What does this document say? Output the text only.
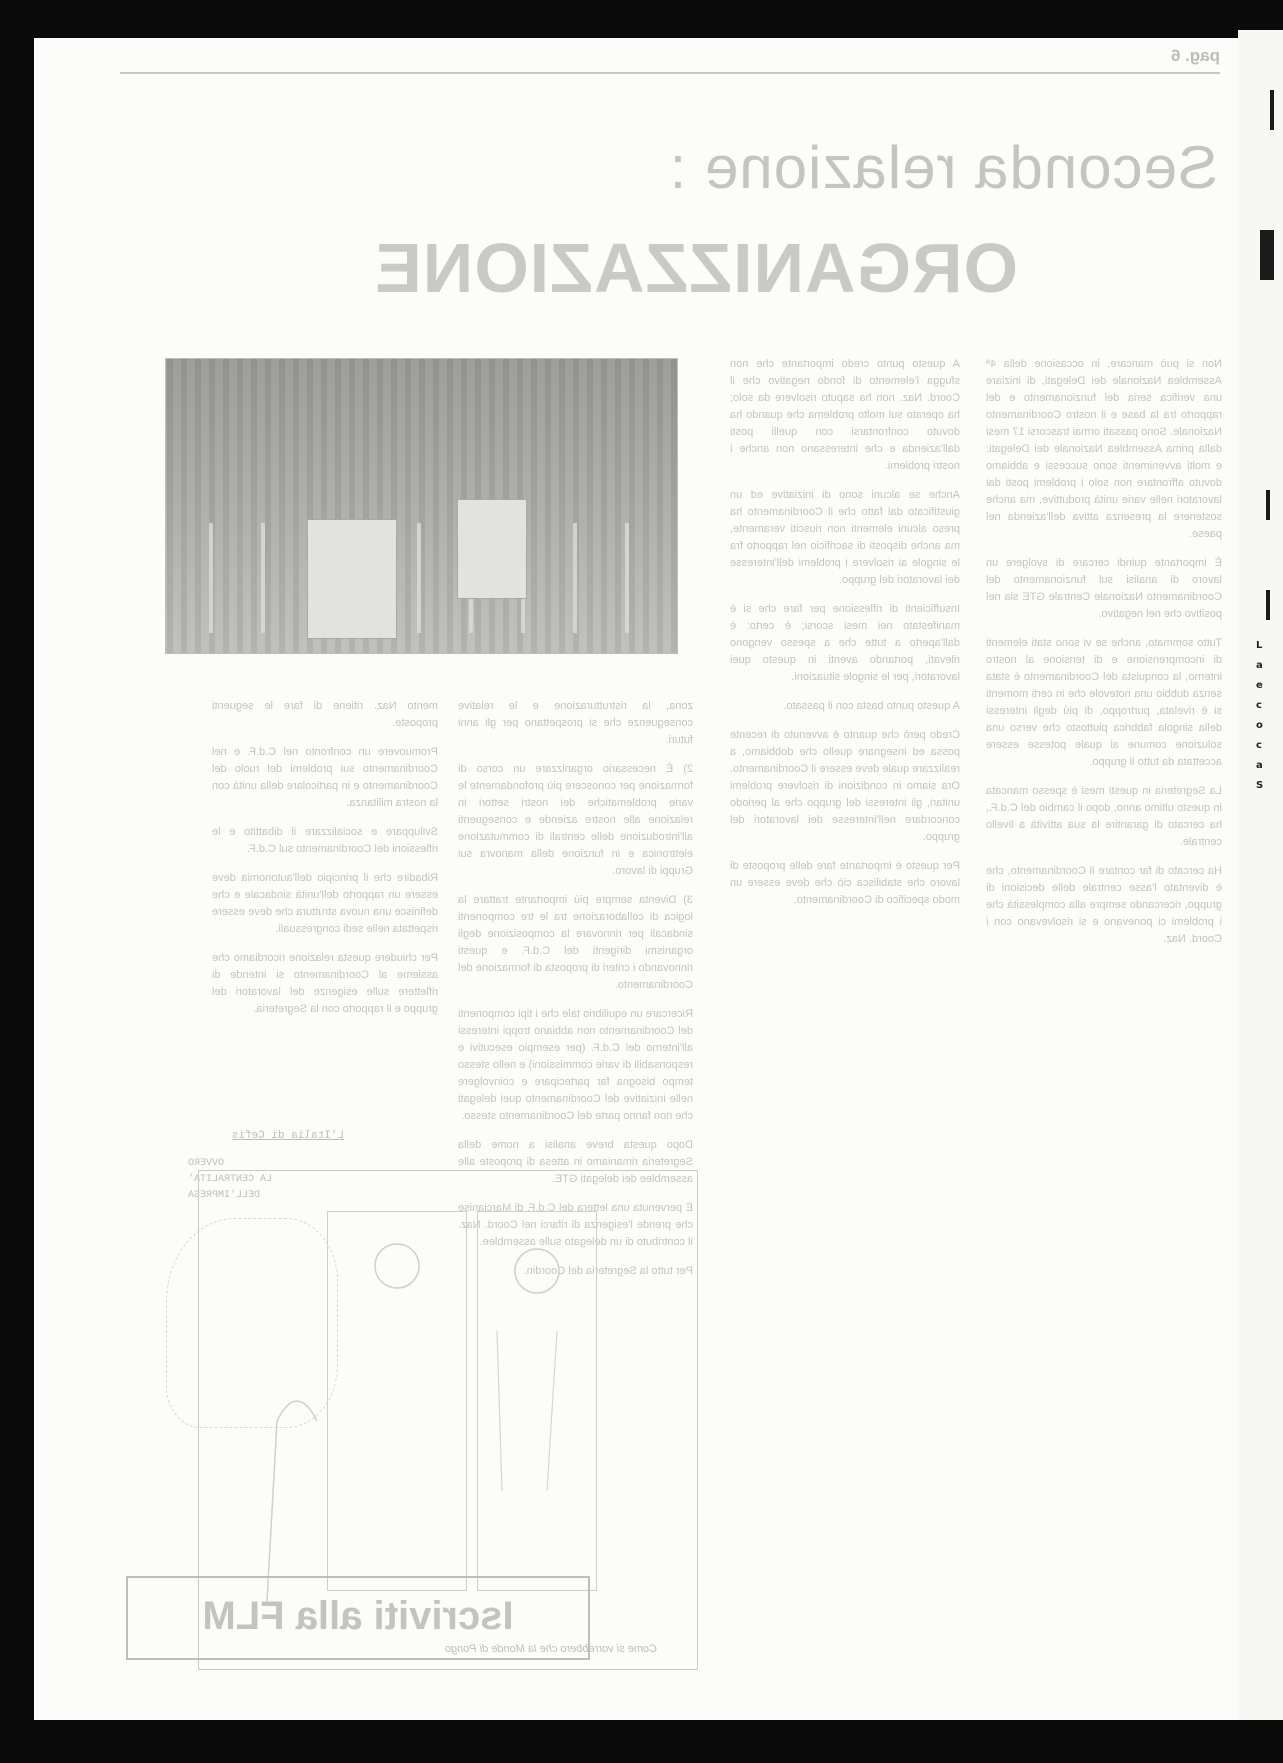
pag. 6
Seconda relazione :
ORGANIZZAZIONE

Non si può mancare, in occasione della 4ª Assemblea Nazionale dei Delegati, di iniziare una verifica seria del funzionamento e del rapporto tra la base e il nostro Coordinamento Nazionale. Sono passati ormai trascorsi 17 mesi dalla prima Assemblea Nazionale dei Delegati: e molti avvenimenti sono successi e abbiamo dovuto affrontare non solo i problemi posti dai lavoratori nelle varie unità produttive, ma anche sostenere la presenza attiva dell'azienda nel paese.

È importante quindi cercare di svolgere un lavoro di analisi sul funzionamento del Coordinamento Nazionale Centrale GTE sia nel positivo che nel negativo.

Tutto sommato, anche se vi sono stati elementi di incomprensione e di tensione al nostro interno, la conquista del Coordinamento è stata senza dubbio una notevole che in certi momenti si è rivelata, purtroppo, di più degli interessi della singola fabbrica piuttosto che verso una soluzione comune ai quale potesse essere accettata da tutto il gruppo.

La Segreteria in questi mesi è spesso mancata in questo ultimo anno, dopo il cambio del C.d.F., ha cercato di garantire la sua attività a livello centrale.

Ha cercato di far contare il Coordinamento, che è diventato l'asse centrale delle decisioni di gruppo, ricercando sempre alla complessità che i problemi ci ponevano e si risolvevano con i Coord. Naz.

A questo punto credo importante che non sfugga l'elemento di fondo negativo che il Coord. Naz. non ha saputo risolvere da solo; ha operato sul molto problema che quando ha dovuto confrontarsi con quelli posti dall'azienda e che interessano non anche i nostri problemi.

Anche se alcuni sono di iniziative ed un giustificato dal fatto che il Coordinamento ha preso alcuni elementi non riusciti veramente, ma anche disposti di sacrificio nel rapporto fra le singole ai risolvere i problemi dell'interesse dei lavoratori del gruppo.

Insufficienti di riflessione per fare che si è manifestato nei mesi scorsi; è certo: è dall'aperto a tutte che a spesso vengono rilevati, portando aventi in questo quei lavoratori, per le singole situazioni.

A questo punto basta con il passato.

Credo però che quanto è avvenuto di recente possa ed insegnare quello che dobbiamo, a realizzare quale deve essere il Coordinamento. Ora siamo in condizioni di risolvere problemi unitari, gli interessi del gruppo che al periodo concordare nell'interesse dei lavoratori del gruppo.

Per questo è importante fare delle proposte di lavoro che stabilisca ciò che deve essere un modo specifico di Coordinamento.

zona, la ristrutturazione e le relative conseguenze che si prospettano per gli anni futuri.

2) È necessario organizzare un corso di formazione per conoscere più profondamente le varie problematiche dei nostri settori in relazione alle nostre aziende e conseguenti all'introduzione delle centrali di commutazione elettronica e in funzione della manovra sui Gruppi di lavoro.

3) Diventa sempre più importante trattare la logica di collaborazione tra le tre componenti sindacali per rinnovare la composizione degli organismi dirigenti del C.d.F. e questi rinnovando i criteri di proposta di formazione del Coordinamento.

Ricercare un equilibrio tale che i tipi componenti del Coordinamento non abbiano troppi interessi all'interno del C.d.F. (per esempio esecutivi e responsabili di varie commissioni) e nello stesso tempo bisogna far partecipare e coinvolgere nelle iniziative del Coordinamento quei delegati che non fanno parte del Coordinamento stesso.

Dopo questa breve analisi a nome della Segreteria rimaniamo in attesa di proposte alle assemblee dei delegati GTE.

È pervenuta una lettera del C.d.F. di Marcianise che prende l'esigenza di rifarci nel Coord. Naz. il contributo di un delegato sulle assemblee.

Per tutto la Segreteria del Coordin.

mento Naz. ritiene di fare le seguenti proposte.

Promuovere un confronto nel C.d.F. e nel Coordinamento sui problemi del ruolo del Coordinamento e in particolare della unità con la nostra militanza.

Sviluppare e socializzare il dibattito e le riflessioni del Coordinamento sul C.d.F.

Ribadire che il principio dell'autonomia deve essere un rapporto dell'unità sindacale e che definisce una nuova struttura che deve essere rispettata nelle sedi congressuali.

Per chiudere questa relazione ricordiamo che assieme al Coordinamento si intende di riflettere sulle esigenze del lavoratori del gruppo e il rapporto con la Segreteria.

L'Italia di Cefis
OVVERO
LA CENTRALITA'
DELL'IMPRESA
Come si vorrebbero che la Monde di Pongo
Iscriviti alla FLM
L
a
e
c
o
c
a
S
